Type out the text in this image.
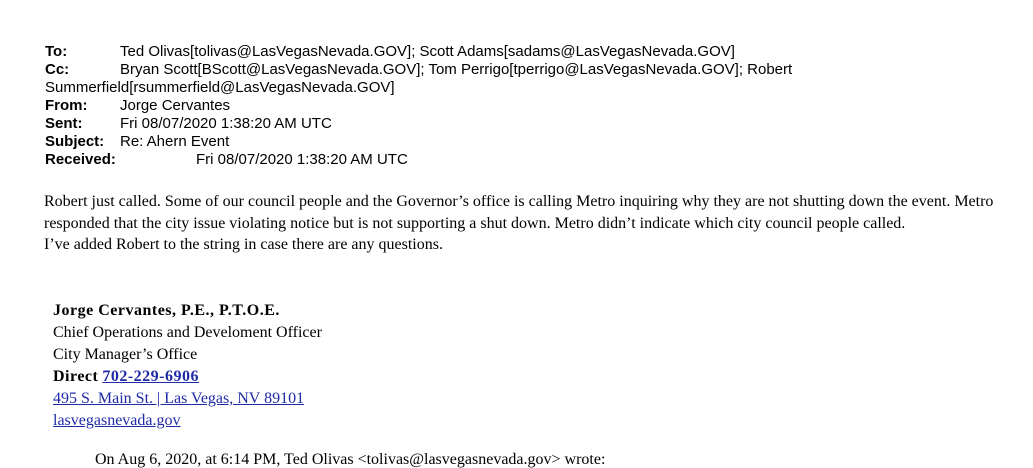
To:	Ted Olivas[tolivas@LasVegasNevada.GOV]; Scott Adams[sadams@LasVegasNevada.GOV]
Cc:	Bryan Scott[BScott@LasVegasNevada.GOV]; Tom Perrigo[tperrigo@LasVegasNevada.GOV]; Robert
Summerfield[rsummerfield@LasVegasNevada.GOV]
From: Jorge Cervantes
Sent:	Fri 08/07/2020 1:38:20 AM UTC
Subject: Re: Ahern Event
Received:	Fri 08/07/2020 1:38:20 AM UTC

Robert just called. Some of our council people and the Governor’s office is calling Metro inquiring why they are not shutting down the event. Metro responded that the city issue violating notice but is not supporting a shut down. Metro didn’t indicate which city council people called.

I’ve added Robert to the string in case there are any questions.

Jorge Cervantes, P.E., P.T.O.E.
Chief Operations and Develoment Officer
City Manager’s Office
Direct 702-229-6906
495 S. Main St. | Las Vegas, NV 89101
lasvegasnevada.gov
On Aug 6, 2020, at 6:14 PM, Ted Olivas <tolivas@lasvegasnevada.gov> wrote:
